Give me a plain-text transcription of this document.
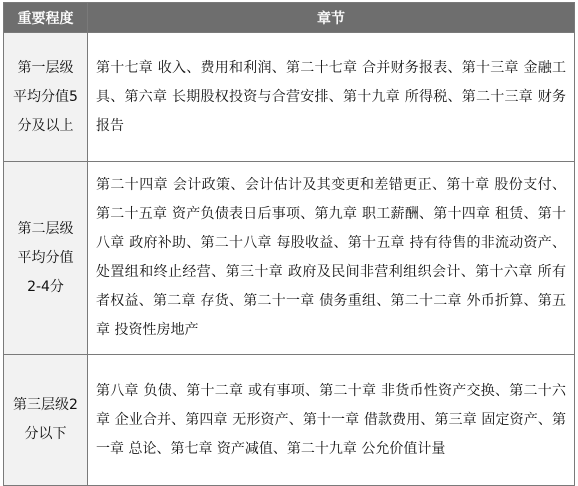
重要程度	章节
第一层级平均分值5分及以上	第十七章 收入、费用和利润、第二十七章 合并财务报表、第十三章 金融工具、第六章 长期股权投资与合营安排、第十九章 所得税、第二十三章 财务报告
第二层级平均分值2-4分	第二十四章 会计政策、会计估计及其变更和差错更正、第十章 股份支付、第二十五章 资产负债表日后事项、第九章 职工薪酬、第十四章 租赁、第十八章 政府补助、第二十八章 每股收益、第十五章 持有待售的非流动资产、处置组和终止经营、第三十章 政府及民间非营利组织会计、第十六章 所有者权益、第二章 存货、第二十一章 债务重组、第二十二章 外币折算、第五章 投资性房地产
第三层级2分以下	第八章 负债、第十二章 或有事项、第二十章 非货币性资产交换、第二十六章 企业合并、第四章 无形资产、第十一章 借款费用、第三章 固定资产、第一章 总论、第七章 资产减值、第二十九章 公允价值计量
